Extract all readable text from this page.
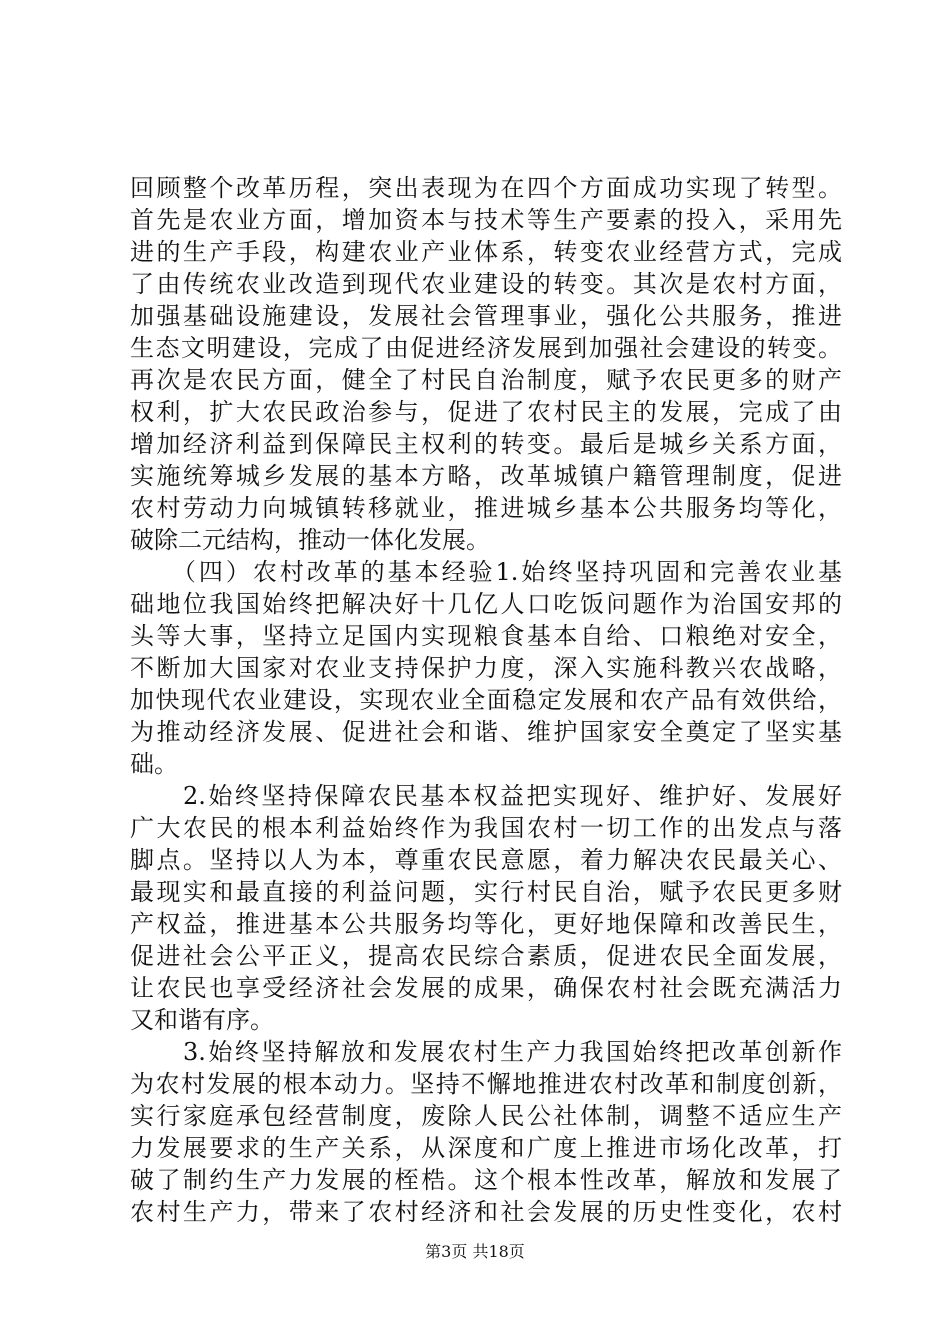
回顾整个改革历程，突出表现为在四个方面成功实现了转型。
首先是农业方面，增加资本与技术等生产要素的投入，采用先
进的生产手段，构建农业产业体系，转变农业经营方式，完成
了由传统农业改造到现代农业建设的转变。其次是农村方面，
加强基础设施建设，发展社会管理事业，强化公共服务，推进
生态文明建设，完成了由促进经济发展到加强社会建设的转变。
再次是农民方面，健全了村民自治制度，赋予农民更多的财产
权利，扩大农民政治参与，促进了农村民主的发展，完成了由
增加经济利益到保障民主权利的转变。最后是城乡关系方面，
实施统筹城乡发展的基本方略，改革城镇户籍管理制度，促进
农村劳动力向城镇转移就业，推进城乡基本公共服务均等化，
破除二元结构，推动一体化发展。
　　（四）农村改革的基本经验1.始终坚持巩固和完善农业基
础地位我国始终把解决好十几亿人口吃饭问题作为治国安邦的
头等大事，坚持立足国内实现粮食基本自给、口粮绝对安全，
不断加大国家对农业支持保护力度，深入实施科教兴农战略，
加快现代农业建设，实现农业全面稳定发展和农产品有效供给，
为推动经济发展、促进社会和谐、维护国家安全奠定了坚实基
础。
　　2.始终坚持保障农民基本权益把实现好、维护好、发展好
广大农民的根本利益始终作为我国农村一切工作的出发点与落
脚点。坚持以人为本，尊重农民意愿，着力解决农民最关心、
最现实和最直接的利益问题，实行村民自治，赋予农民更多财
产权益，推进基本公共服务均等化，更好地保障和改善民生，
促进社会公平正义，提高农民综合素质，促进农民全面发展，
让农民也享受经济社会发展的成果，确保农村社会既充满活力
又和谐有序。
　　3.始终坚持解放和发展农村生产力我国始终把改革创新作
为农村发展的根本动力。坚持不懈地推进农村改革和制度创新，
实行家庭承包经营制度，废除人民公社体制，调整不适应生产
力发展要求的生产关系，从深度和广度上推进市场化改革，打
破了制约生产力发展的桎梏。这个根本性改革，解放和发展了
农村生产力，带来了农村经济和社会发展的历史性变化，农村
第3页 共18页
